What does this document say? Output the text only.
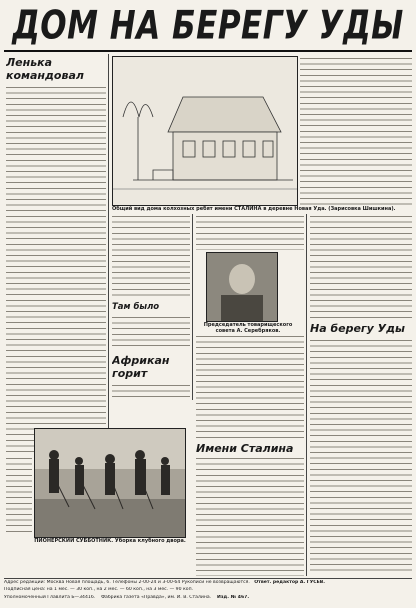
ДОМ НА БЕРЕГУ УДЫ
Ленька командовал
Общий вид дома колхозных ребят имени СТАЛИНА в деревне Новая Уда. (Зарисовка Шишкина).
Там было
Африкан горит
Председатель товарищеского совета А. Серебряков.
Имени Сталина
На берегу Уды
ПИОНЕРСКИЙ СУББОТНИК. Уборка клубного двора.
Адрес редакции: Москва Новая площадь, 6. Телефоны 2-00-24 и 3-00-64 Рукописи не возвращаются. Ответ. редактор А. ГУСЕВ.
Подписная цена: на 1 мес. — 30 коп., на 2 мес. — 60 коп., на 3 мес. — 90 коп.
Уполномоченный Главлита Б—34416. Фабрика газета «Правда», им. И. В. Сталина. Изд. № 467.
